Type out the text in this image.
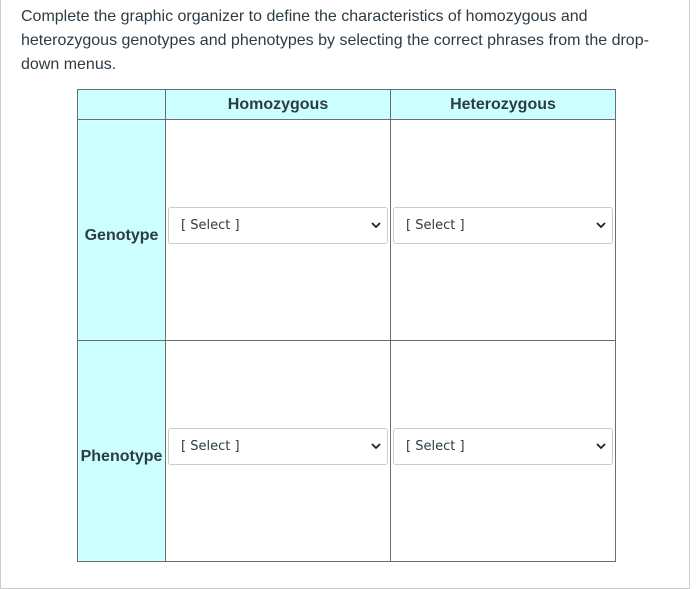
Complete the graphic organizer to define the characteristics of homozygous and heterozygous genotypes and phenotypes by selecting the correct phrases from the drop-down menus.

	Homozygous	Heterozygous
Genotype	[ Select ]	[ Select ]

Phenotype	[ Select ]	[ Select ]
